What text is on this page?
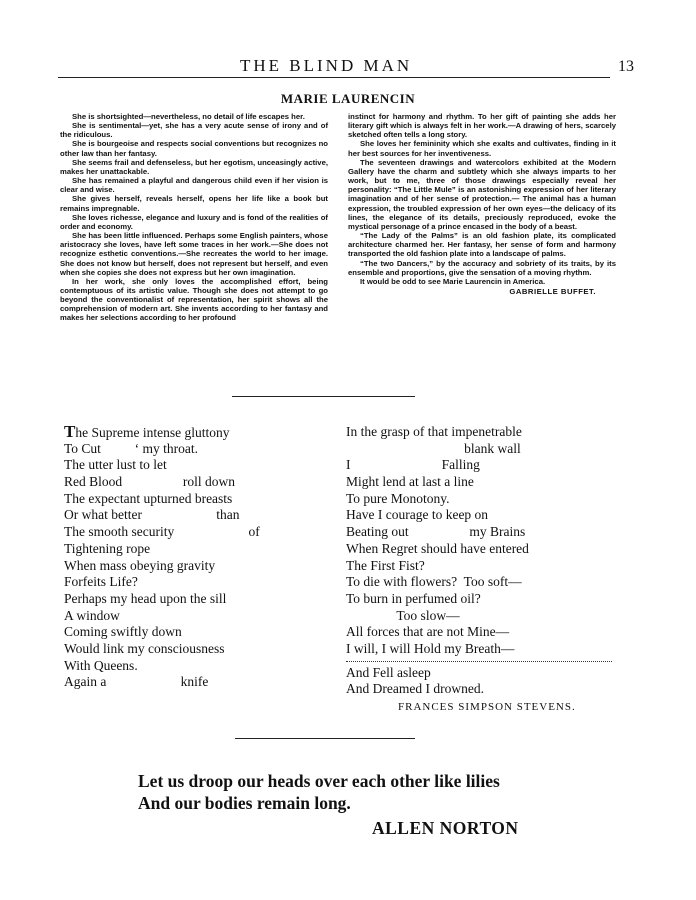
THE BLIND MAN	13
MARIE LAURENCIN

She is shortsighted—nevertheless, no detail of life escapes her.

She is sentimental—yet, she has a very acute sense of irony and of the ridiculous.

She is bourgeoise and respects social conventions but recognizes no other law than her fantasy.

She seems frail and defenseless, but her egotism, unceasingly active, makes her unattackable.

She has remained a playful and dangerous child even if her vision is clear and wise.

She gives herself, reveals herself, opens her life like a book but remains impregnable.

She loves richesse, elegance and luxury and is fond of the realities of order and economy.

She has been little influenced. Perhaps some English painters, whose aristocracy she loves, have left some traces in her work.—She does not recognize esthetic conventions.—She recreates the world to her image. She does not know but herself, does not represent but herself, and even when she copies she does not express but her own imagination.

In her work, she only loves the accomplished effort, being contemptuous of its artistic value. Though she does not attempt to go beyond the conventionalist of representation, her spirit shows all the comprehension of modern art. She invents according to her fantasy and makes her selections according to her profound

instinct for harmony and rhythm. To her gift of painting she adds her literary gift which is always felt in her work.—A drawing of hers, scarcely sketched often tells a long story.

She loves her femininity which she exalts and cultivates, finding in it her best sources for her inventiveness.

The seventeen drawings and watercolors exhibited at the Modern Gallery have the charm and subtlety which she always imparts to her work, but to me, three of those drawings especially reveal her personality: “The Little Mule” is an astonishing expression of her literary imagination and of her sense of protection.— The animal has a human expression, the troubled expression of her own eyes—the delicacy of its lines, the elegance of its details, preciously reproduced, evoke the mystical personage of a prince encased in the body of a beast.

“The Lady of the Palms” is an old fashion plate, its complicated architecture charmed her. Her fantasy, her sense of form and harmony transported the old fashion plate into a landscape of palms.

“The two Dancers,” by the accuracy and sobriety of its traits, by its ensemble and proportions, give the sensation of a moving rhythm.

It would be odd to see Marie Laurencin in America.

GABRIELLE BUFFET.
The Supreme intense gluttony
To Cut          ‘ my throat.
The utter lust to let
Red Blood                  roll down
The expectant upturned breasts
Or what better                      than
The smooth security                      of
Tightening rope
When mass obeying gravity
Forfeits Life?
Perhaps my head upon the sill
A window
Coming swiftly down
Would link my consciousness
With Queens.
Again a                      knife
In the grasp of that impenetrable
blank wall
I                           Falling
Might lend at last a line
To pure Monotony.
Have I courage to keep on
Beating out                  my Brains
When Regret should have entered
The First Fist?
To die with flowers?  Too soft—
To burn in perfumed oil?
Too slow—
All forces that are not Mine—
I will, I will Hold my Breath—
And Fell asleep
And Dreamed I drowned.
FRANCES SIMPSON STEVENS.
Let us droop our heads over each other like lilies
And our bodies remain long.
ALLEN NORTON
